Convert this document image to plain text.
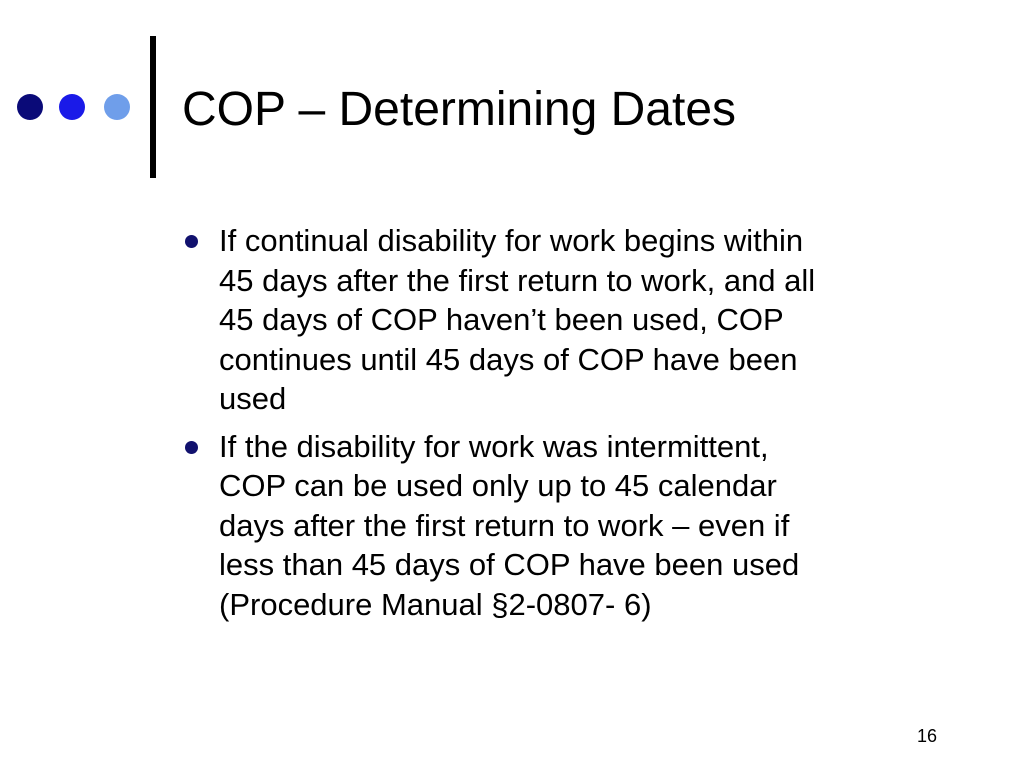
COP – Determining Dates
If continual disability for work begins within
45 days after the first return to work, and all
45 days of COP haven’t been used, COP
continues until 45 days of COP have been
used
If the disability for work was intermittent,
COP can be used only up to 45 calendar
days after the first return to work – even if
less than 45 days of COP have been used
(Procedure Manual §2-0807- 6)
16
